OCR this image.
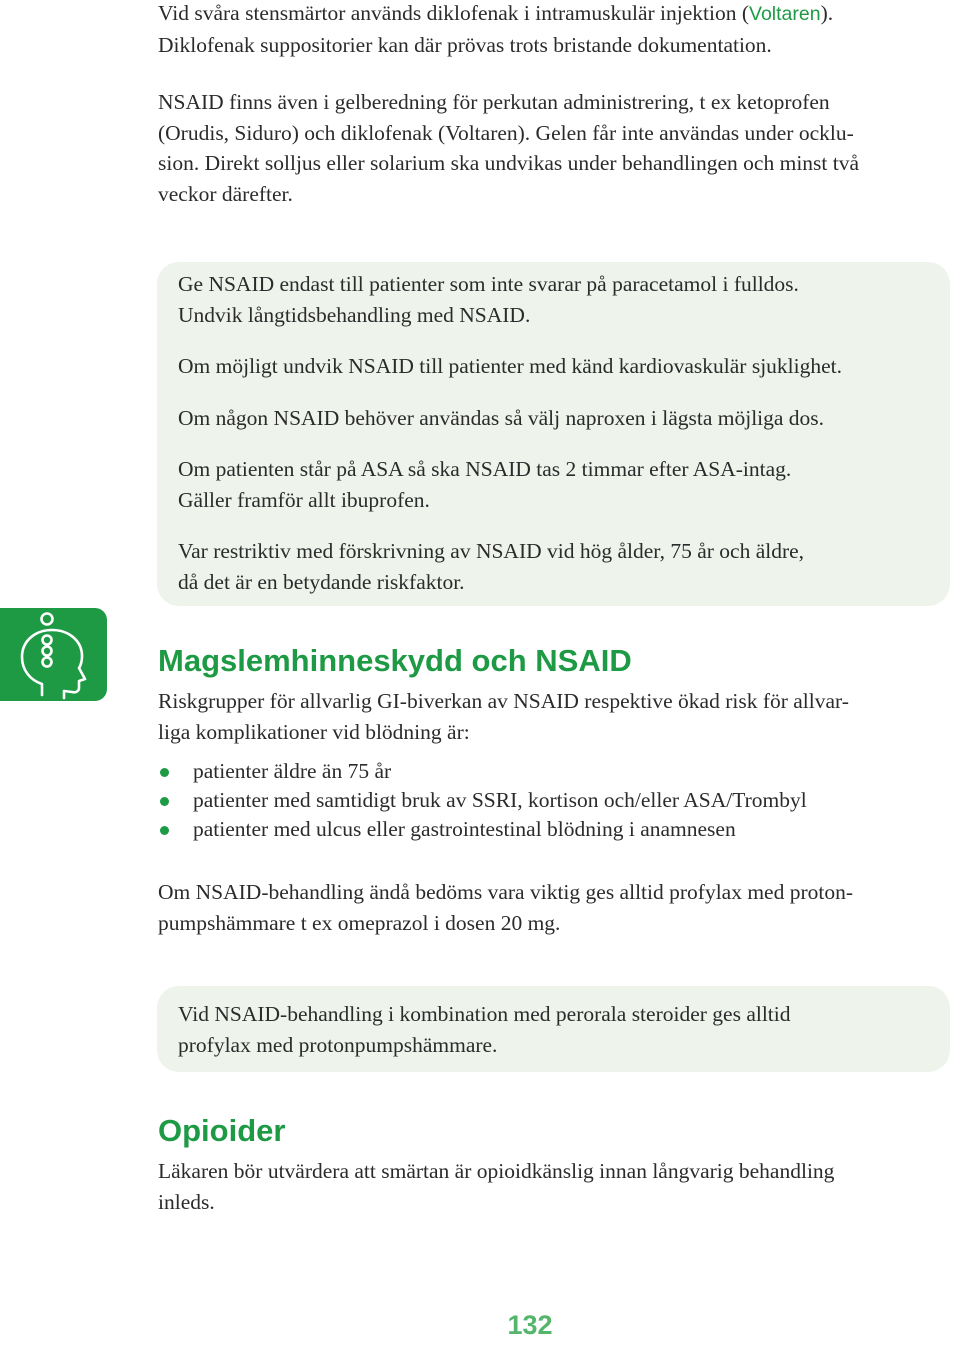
Vid svåra stensmärtor används diklofenak i intramuskulär injektion (Voltaren).
Diklofenak suppositorier kan där prövas trots bristande dokumentation.

NSAID finns även i gelberedning för perkutan administrering, t ex ketoprofen
(Orudis, Siduro) och diklofenak (Voltaren). Gelen får inte användas under ocklu-
sion. Direkt solljus eller solarium ska undvikas under behandlingen och minst två
veckor därefter.

Ge NSAID endast till patienter som inte svarar på paracetamol i fulldos.

Undvik långtidsbehandling med NSAID.

Om möjligt undvik NSAID till patienter med känd kardiovaskulär sjuklighet.

Om någon NSAID behöver användas så välj naproxen i lägsta möjliga dos.

Om patienten står på ASA så ska NSAID tas 2 timmar efter ASA-intag.

Gäller framför allt ibuprofen.

Var restriktiv med förskrivning av NSAID vid hög ålder, 75 år och äldre,

då det är en betydande riskfaktor.

Magslemhinneskydd och NSAID

Riskgrupper för allvarlig GI-biverkan av NSAID respektive ökad risk för allvar-
liga komplikationer vid blödning är:

patienter äldre än 75 år
patienter med samtidigt bruk av SSRI, kortison och/eller ASA/Trombyl
patienter med ulcus eller gastrointestinal blödning i anamnesen

Om NSAID-behandling ändå bedöms vara viktig ges alltid profylax med proton-
pumpshämmare t ex omeprazol i dosen 20 mg.

Vid NSAID-behandling i kombination med perorala steroider ges alltid

profylax med protonpumpshämmare.

Opioider

Läkaren bör utvärdera att smärtan är opioidkänslig innan långvarig behandling
inleds.

132
